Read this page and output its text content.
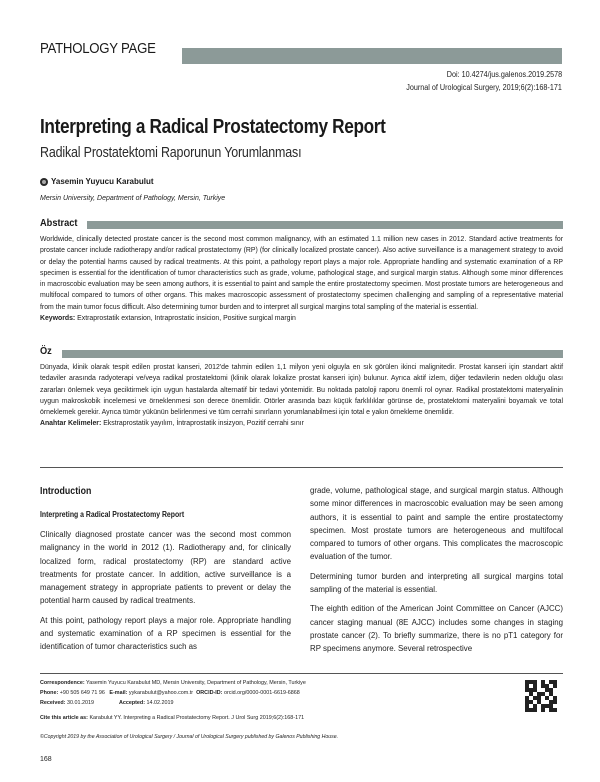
PATHOLOGY PAGE
Doi: 10.4274/jus.galenos.2019.2578
Journal of Urological Surgery, 2019;6(2):168-171
Interpreting a Radical Prostatectomy Report
Radikal Prostatektomi Raporunun Yorumlanması
Yasemin Yuyucu Karabulut
Mersin University, Department of Pathology, Mersin, Turkiye
Abstract
Worldwide, clinically detected prostate cancer is the second most common malignancy, with an estimated 1.1 million new cases in 2012. Standard active treatments for prostate cancer include radiotherapy and/or radical prostatectomy (RP) (for clinically localized prostate cancer). Also active surveillance is a management strategy to avoid or delay the potential harms caused by radical treatments. At this point, a pathology report plays a major role. Appropriate handling and systematic examination of a RP specimen is essential for the identification of tumor characteristics such as grade, volume, pathological stage, and surgical margin status. Although some minor differences in macroscobic evaluation may be seen among authors, it is essential to paint and sample the entire prostatectomy specimen. Most prostate tumors are heterogeneous and multifocal compared to tumors of other organs. This makes macroscopic assessment of prostatectomy specimen challenging and sampling of a representative material from the main tumor focus difficult. Also determining tumor burden and to interpret all surgical margins total sampling of the material is essential.
Keywords: Extraprostatik extansion, Intraprostatic insicion, Positive surgical margin
Öz
Dünyada, klinik olarak tespit edilen prostat kanseri, 2012'de tahmin edilen 1,1 milyon yeni olguyla en sık görülen ikinci malignitedir. Prostat kanseri için standart aktif tedaviler arasında radyoterapi ve/veya radikal prostatektomi (klinik olarak lokalize prostat kanseri için) bulunur. Ayrıca aktif izlem, diğer tedavilerin neden olduğu olası zararları önlemek veya geciktirmek için uygun hastalarda alternatif bir tedavi yöntemidir. Bu noktada patoloji raporu önemli rol oynar. Radikal prostatektomi materyalinin uygun makroskobik incelemesi ve örneklenmesi son derece önemlidir. Otörler arasında bazı küçük farklılıklar görünse de, prostatektomi materyalini boyamak ve total örneklemek gerekir. Ayrıca tümör yükünün belirlenmesi ve tüm cerrahi sınırların yorumlanabilmesi için total e yakın örnekleme önemlidir.
Anahtar Kelimeler: Ekstraprostatik yayılım, İntraprostatik insizyon, Pozitif cerrahi sınır
Introduction
Interpreting a Radical Prostatectomy Report

Clinically diagnosed prostate cancer was the second most common malignancy in the world in 2012 (1). Radiotherapy and, for clinically localized form, radical prostatectomy (RP) are standard active treatments for prostate cancer. In addition, active surveillance is a management strategy in appropriate patients to prevent or delay the potential harm caused by radical treatments.

At this point, pathology report plays a major role. Appropriate handling and systematic examination of a RP specimen is essential for the identification of tumor characteristics such as

grade, volume, pathological stage, and surgical margin status. Although some minor differences in macroscobic evaluation may be seen among authors, it is essential to paint and sample the entire prostatectomy specimen. Most prostate tumors are heterogeneous and multifocal compared to tumors of other organs. This complicates the macroscopic evaluation of the tumor.

Determining tumor burden and interpreting all surgical margins total sampling of the material is essential.

The eighth edition of the American Joint Committee on Cancer (AJCC) cancer staging manual (8E AJCC) includes some changes in staging prostate cancer (2). To briefly summarize, there is no pT1 category for RP specimens anymore. Several retrospective

Correspondence: Yasemin Yuyucu Karabulut MD, Mersin University, Department of Pathology, Mersin, Turkiye
Phone: +90 505 649 71 96 E-mail: yykarabulut@yahoo.com.tr ORCID-ID: orcid.org/0000-0001-6619-6868
Received: 30.01.2019	Accepted: 14.02.2019
Cite this article as: Karabulut YY. Interpreting a Radical Prostatectomy Report. J Urol Surg 2019;6(2):168-171
©Copyright 2019 by the Association of Urological Surgery / Journal of Urological Surgery published by Galenos Publishing House.
168
